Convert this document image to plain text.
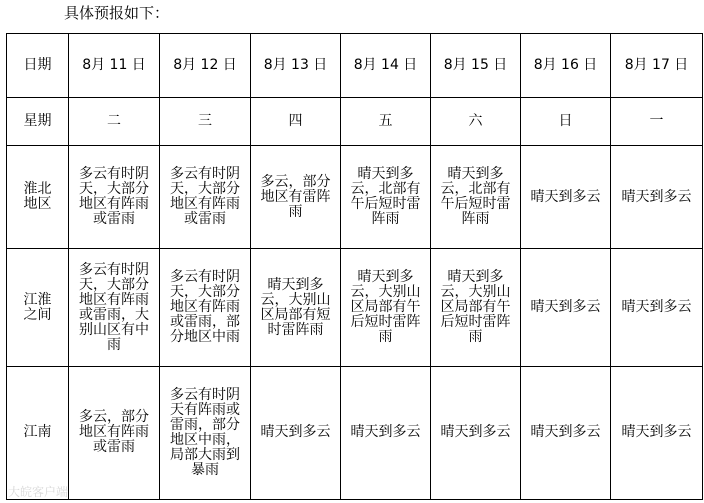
具体预报如下：
日期	8月 11 日	8月 12 日	8月 13 日	8月 14 日	8月 15 日	8月 16 日	8月 17 日
星期	二	三	四	五	六	日	一
淮北地区	多云有时阴天，大部分地区有阵雨或雷雨	多云有时阴天，大部分地区有阵雨或雷雨	多云，部分地区有雷阵雨	晴天到多云，北部有午后短时雷阵雨	晴天到多云，北部有午后短时雷阵雨	晴天到多云	晴天到多云
江淮之间	多云有时阴天，大部分地区有阵雨或雷雨，大别山区有中雨	多云有时阴天，大部分地区有阵雨或雷雨，部分地区中雨	晴天到多云，大别山区局部有短时雷阵雨	晴天到多云，大别山区局部有午后短时雷阵雨	晴天到多云，大别山区局部有午后短时雷阵雨	晴天到多云	晴天到多云
江南	多云，部分地区有阵雨或雷雨	多云有时阴天有阵雨或雷雨，部分地区中雨，局部大雨到暴雨	晴天到多云	晴天到多云	晴天到多云	晴天到多云	晴天到多云
大皖客户端
